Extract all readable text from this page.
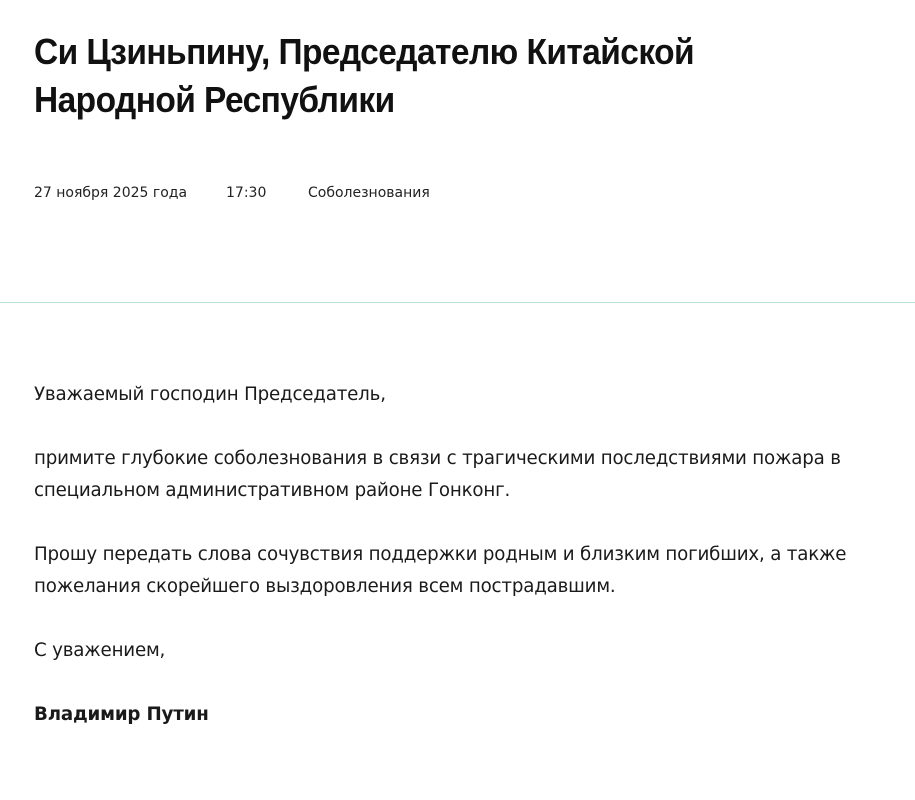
Си Цзиньпину, Председателю Китайской Народной Республики
27 ноября 2025 года	17:30	Соболезнования

Уважаемый господин Председатель,

примите глубокие соболезнования в связи с трагическими последствиями пожара в специальном административном районе Гонконг.

Прошу передать слова сочувствия поддержки родным и близким погибших, а также пожелания скорейшего выздоровления всем пострадавшим.

С уважением,

Владимир Путин
